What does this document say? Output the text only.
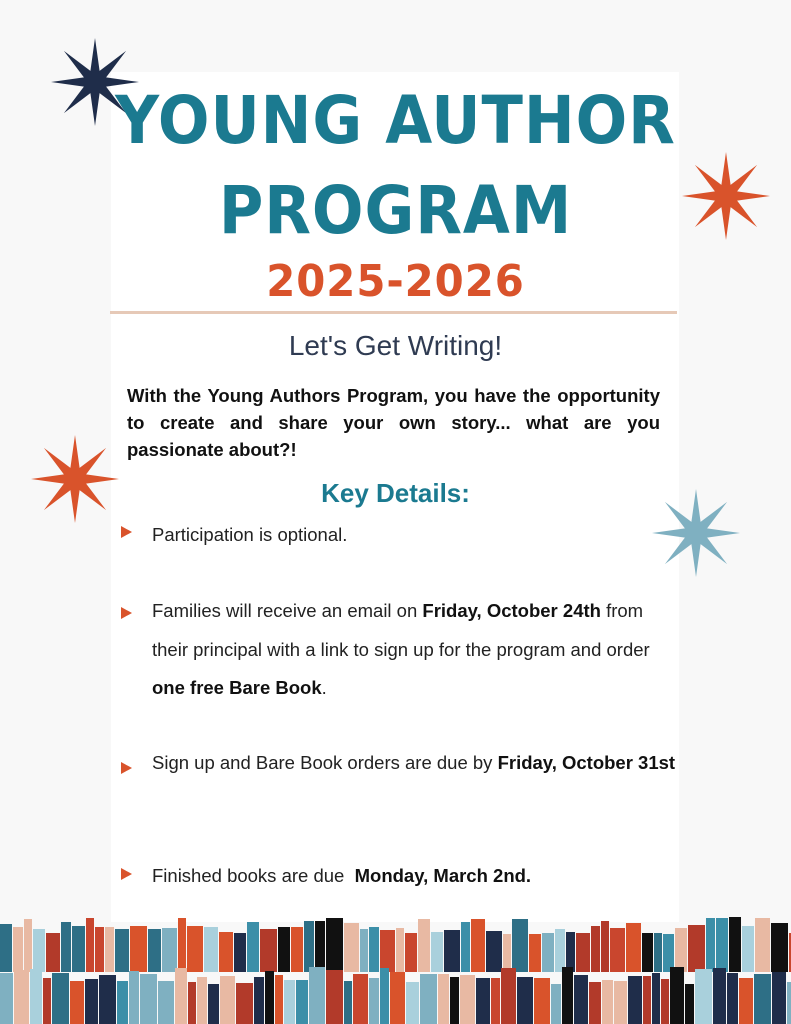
YOUNG AUTHOR
PROGRAM
2025-2026
Let's Get Writing!
With the Young Authors Program, you have the opportunity to create and share your own story... what are you passionate about?!
Key Details:
Participation is optional.
Families will receive an email on Friday, October 24th from their principal with a link to sign up for the program and order one free Bare Book.
Sign up and Bare Book orders are due by Friday, October 31st
Finished books are due  Monday, March 2nd.
